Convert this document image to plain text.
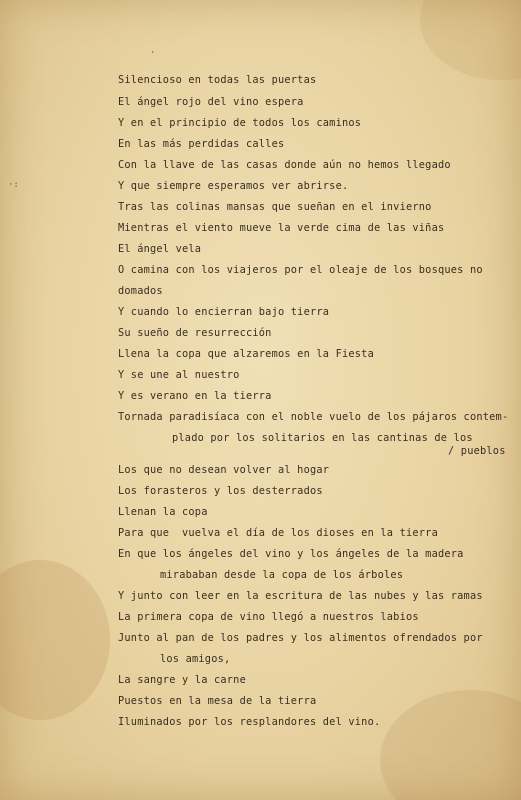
·:
·
Silencioso en todas las puertas
El ángel rojo del vino espera
Y en el principio de todos los caminos
En las más perdidas calles
Con la llave de las casas donde aún no hemos llegado
Y que siempre esperamos ver abrirse.
Tras las colinas mansas que sueñan en el invierno
Mientras el viento mueve la verde cima de las viñas
El ángel vela
O camina con los viajeros por el oleaje de los bosques no
domados
Y cuando lo encierran bajo tierra
Su sueño de resurrección
Llena la copa que alzaremos en la Fiesta
Y se une al nuestro
Y es verano en la tierra
Tornada paradisíaca con el noble vuelo de los pájaros contem-
plado por los solitarios en las cantinas de los
/ pueblos
Los que no desean volver al hogar
Los forasteros y los desterrados
Llenan la copa
Para que  vuelva el día de los dioses en la tierra
En que los ángeles del vino y los ángeles de la madera
mirababan desde la copa de los árboles
Y junto con leer en la escritura de las nubes y las ramas
La primera copa de vino llegó a nuestros labios
Junto al pan de los padres y los alimentos ofrendados por
los amigos,
La sangre y la carne
Puestos en la mesa de la tierra
Iluminados por los resplandores del vino.
